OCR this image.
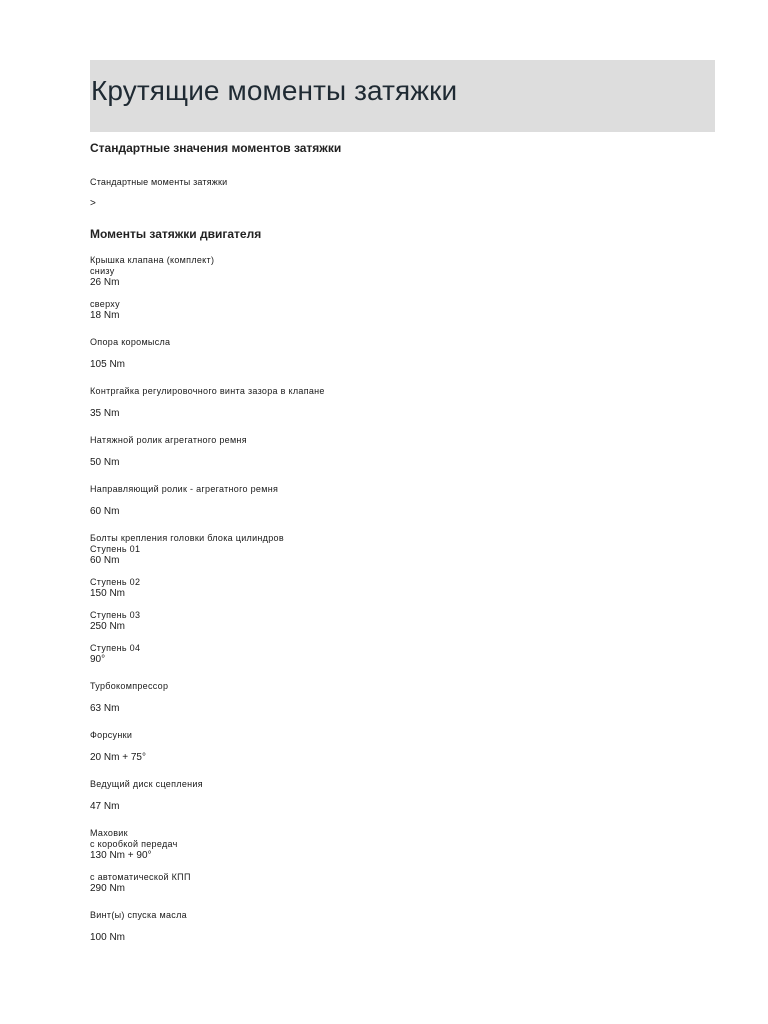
Крутящие моменты затяжки
Стандартные значения моментов затяжки
Стандартные моменты затяжки
>
Моменты затяжки двигателя
Крышка клапана (комплект)
снизу
26 Nm
сверху
18 Nm
Опора коромысла
105 Nm
Контргайка регулировочного винта зазора в клапане
35 Nm
Натяжной ролик агрегатного ремня
50 Nm
Направляющий ролик - агрегатного ремня
60 Nm
Болты крепления головки блока цилиндров
Ступень 01
60 Nm
Ступень 02
150 Nm
Ступень 03
250 Nm
Ступень 04
90°
Турбокомпрессор
63 Nm
Форсунки
20 Nm + 75°
Ведущий диск сцепления
47 Nm
Маховик
с коробкой передач
130 Nm + 90°
с автоматической КПП
290 Nm
Винт(ы) спуска масла
100 Nm
